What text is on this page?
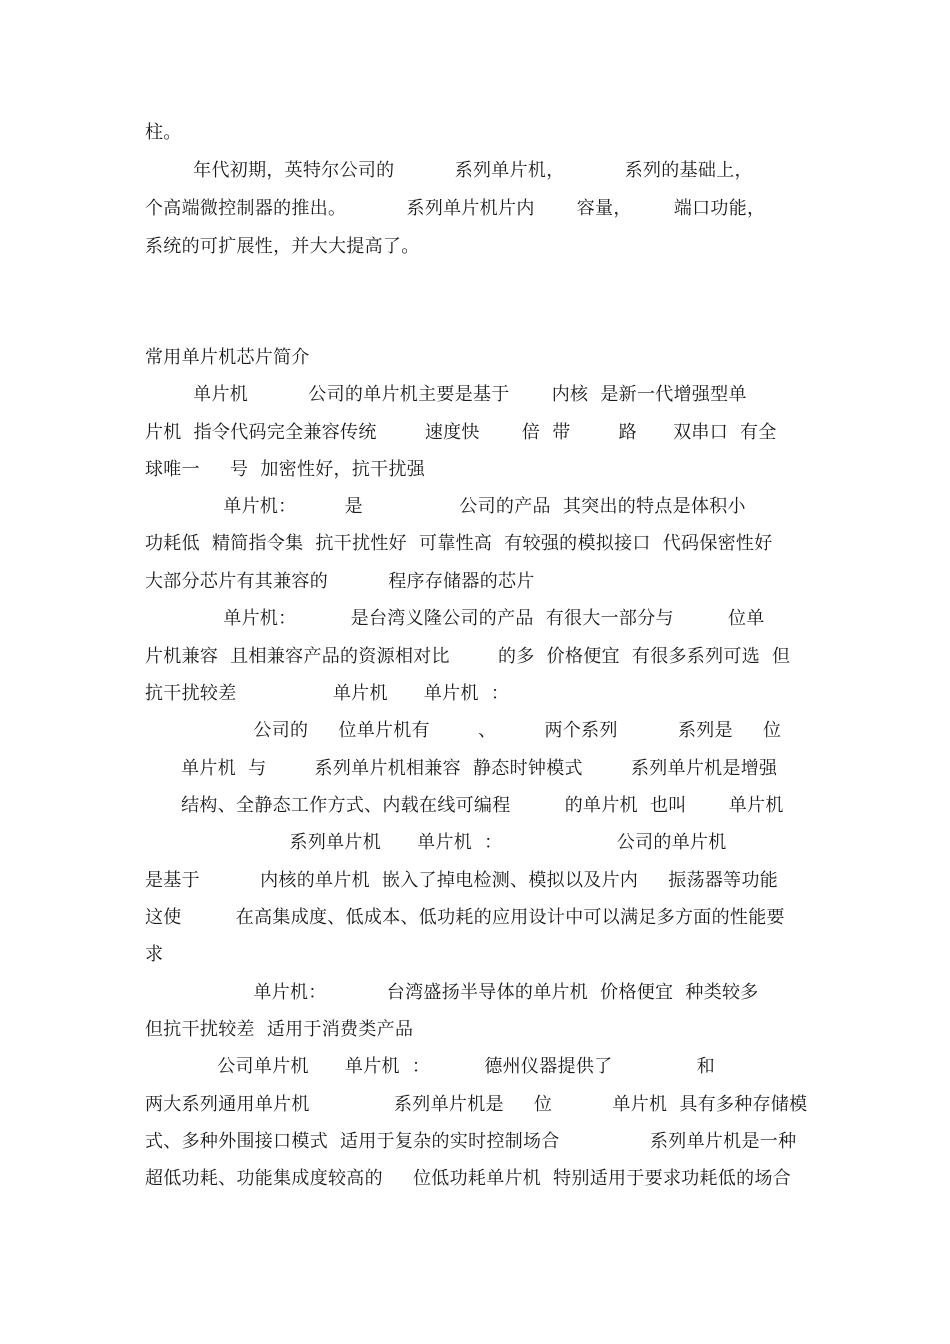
柱。

年代初期，英特尔公司的          系列单片机，          系列的基础上，

个高端微控制器的推出。          系列单片机片内       容量，       端口功能，

系统的可扩展性，并大大提高了。

常用单片机芯片简介

单片机          公司的单片机主要是基于       内核  是新一代增强型单

片机  指令代码完全兼容传统        速度快       倍  带        路      双串口  有全

球唯一     号  加密性好，抗干扰强

单片机：        是                公司的产品  其突出的特点是体积小

功耗低  精简指令集  抗干扰性好  可靠性高  有较强的模拟接口  代码保密性好

大部分芯片有其兼容的          程序存储器的芯片

单片机：         是台湾义隆公司的产品  有很大一部分与         位单

片机兼容  且相兼容产品的资源相对比        的多  价格便宜  有很多系列可选  但

抗干扰较差                单片机      单片机  ：

公司的     位单片机有        、        两个系列          系列是     位

单片机  与        系列单片机相兼容  静态时钟模式        系列单片机是增强

结构、全静态工作方式、内载在线可编程         的单片机  也叫       单片机

系列单片机      单片机  ：                   公司的单片机

是基于          内核的单片机  嵌入了掉电检测、模拟以及片内     振荡器等功能

这使         在高集成度、低成本、低功耗的应用设计中可以满足多方面的性能要

求

单片机：          台湾盛扬半导体的单片机  价格便宜  种类较多

但抗干扰较差  适用于消费类产品

公司单片机      单片机  ：         德州仪器提供了              和

两大系列通用单片机              系列单片机是     位          单片机  具有多种存储模

式、多种外围接口模式  适用于复杂的实时控制场合               系列单片机是一种

超低功耗、功能集成度较高的     位低功耗单片机  特别适用于要求功耗低的场合
